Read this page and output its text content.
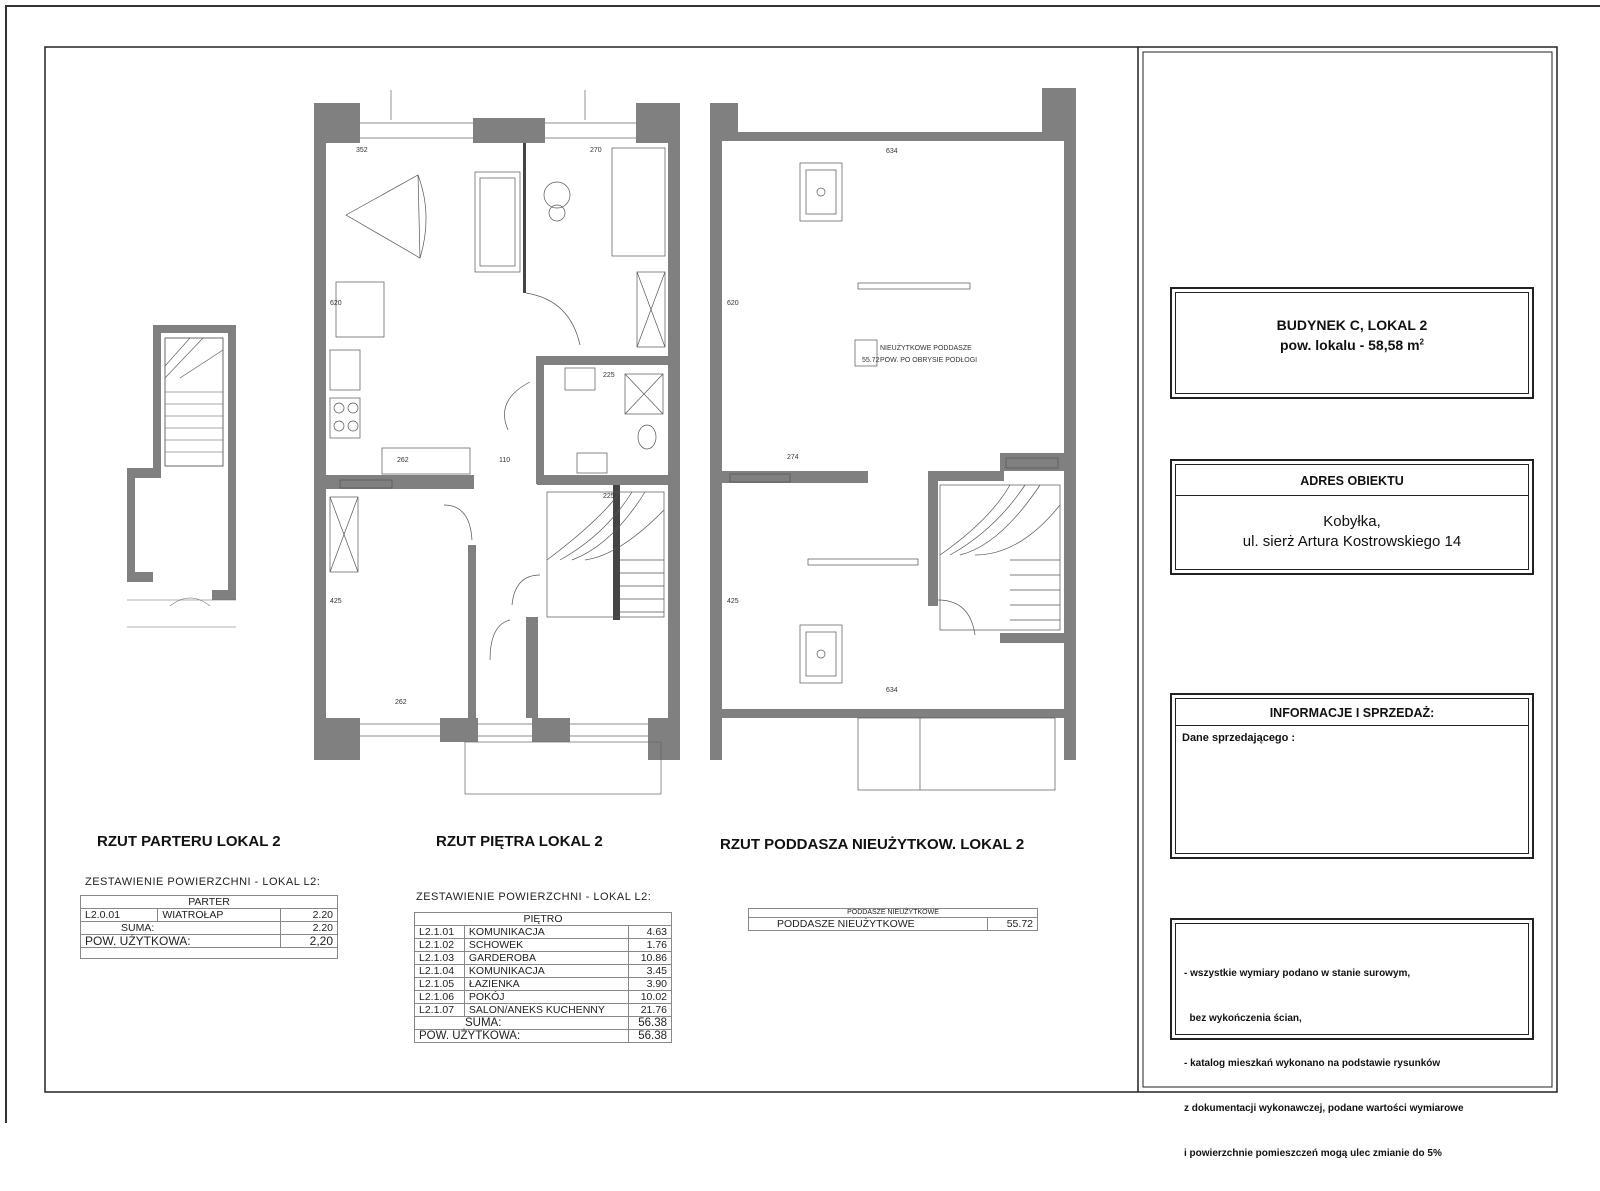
352	270
620
225
262	110
225
425
262
634
620
274
425
634
NIEUŻYTKOWE PODDASZE
55.72 POW. PO OBRYSIE PODŁOGI
RZUT PARTERU LOKAL 2	RZUT PIĘTRA LOKAL 2	RZUT PODDASZA NIEUŻYTKOW. LOKAL 2
ZESTAWIENIE POWIERZCHNI - LOKAL L2:
PARTER		
L2.0.01	WIATROŁAP	2.20
SUMA:		2.20
POW. UŻYTKOWA:		2,20

ZESTAWIENIE POWIERZCHNI - LOKAL L2:
PIĘTRO		
L2.1.01	KOMUNIKACJA	4.63
L2.1.02	SCHOWEK	1.76
L2.1.03	GARDEROBA	10.86
L2.1.04	KOMUNIKACJA	3.45
L2.1.05	ŁAZIENKA	3.90
L2.1.06	POKÓJ	10.02
L2.1.07	SALON/ANEKS KUCHENNY	21.76
SUMA:		56.38
POW. UŻYTKOWA:		56.38
PODDASZE NIEUŻYTKOWE
PODDASZE NIEUŻYTKOWE	55.72
BUDYNEK C, LOKAL 2
pow. lokalu - 58,58 $m^2$
ADRES OBIEKTU
Kobyłka,
ul. sierż Artura Kostrowskiego 14
INFORMACJE I SPRZEDAŻ:
Dane sprzedającego :

- wszystkie wymiary podano w stanie surowym,

bez wykończenia ścian,

- katalog mieszkań wykonano na podstawie rysunków

z dokumentacji wykonawczej, podane wartości wymiarowe

i powierzchnie pomieszczeń mogą ulec zmianie do 5%
